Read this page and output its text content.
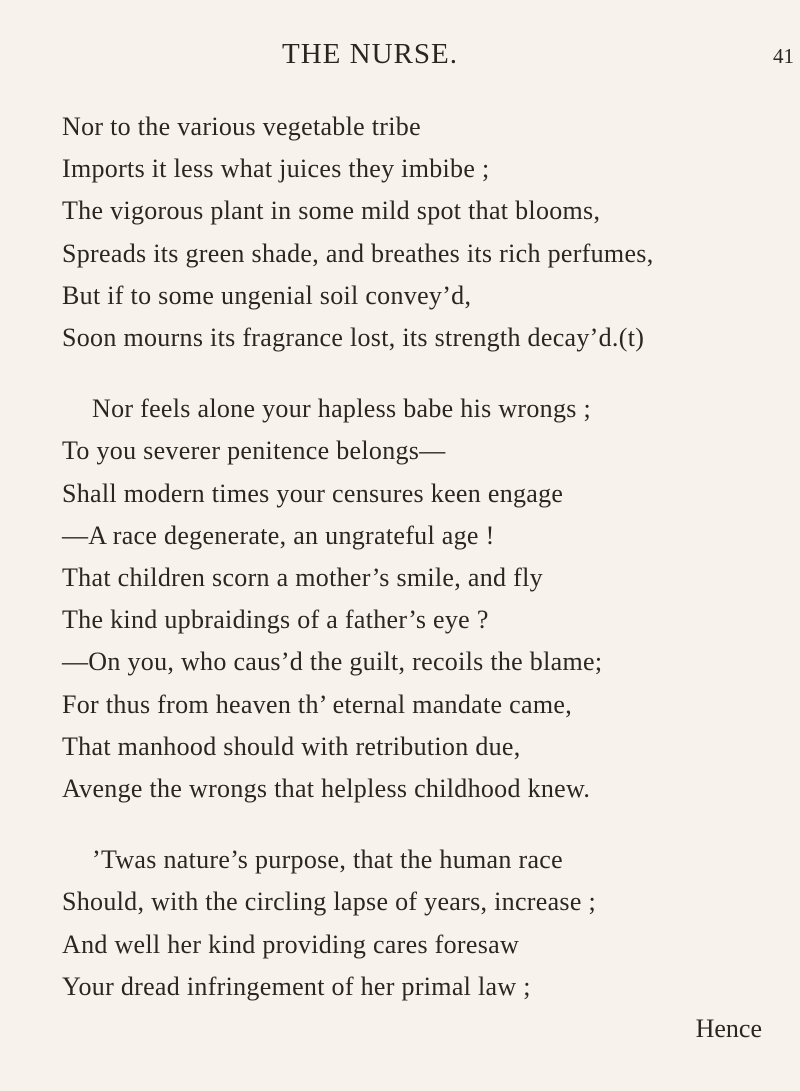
THE NURSE.	41
Nor to the various vegetable tribe
Imports it less what juices they imbibe ;
The vigorous plant in some mild spot that blooms,
Spreads its green shade, and breathes its rich perfumes,
But if to some ungenial soil convey’d,
Soon mourns its fragrance lost, its strength decay’d.(t)
Nor feels alone your hapless babe his wrongs ;
To you severer penitence belongs—
Shall modern times your censures keen engage
—A race degenerate, an ungrateful age !
That children scorn a mother’s smile, and fly
The kind upbraidings of a father’s eye ?
—On you, who caus’d the guilt, recoils the blame;
For thus from heaven th’ eternal mandate came,
That manhood should with retribution due,
Avenge the wrongs that helpless childhood knew.
’Twas nature’s purpose, that the human race
Should, with the circling lapse of years, increase ;
And well her kind providing cares foresaw
Your dread infringement of her primal law ;
Hence
